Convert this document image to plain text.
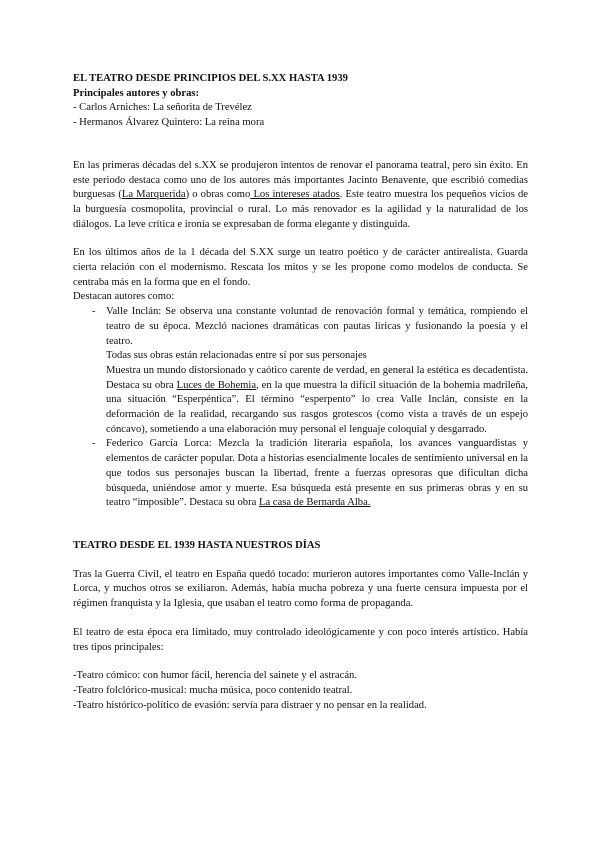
EL TEATRO DESDE PRINCIPIOS DEL S.XX HASTA 1939

Principales autores y obras:

- Carlos Arniches: La señorita de Trevélez

- Hermanos Álvarez Quintero: La reina mora

En las primeras décadas del s.XX se produjeron intentos de renovar el panorama teatral, pero sin éxito. En este periodo destaca como uno de los autores más importantes Jacinto Benavente, que escribió comedias burguesas (La Marquerida) o obras como Los intereses atados. Este teatro muestra los pequeños vicios de la burguesía cosmopolita, provincial o rural. Lo más renovador es la agilidad y la naturalidad de los diálogos. La leve crítica e ironía se expresaban de forma elegante y distinguida.

En los últimos años de la 1 década del S.XX surge un teatro poético y de carácter antirealista. Guarda cierta relación con el modernismo. Rescata los mitos y se les propone como modelos de conducta. Se centraba más en la forma que en el fondo.

Destacan autores como:

- Valle Inclán: Se observa una constante voluntad de renovación formal y temática, rompiendo el teatro de su época. Mezcló naciones dramáticas con pautas líricas y fusionando la poesía y el teatro.
Todas sus obras están relacionadas entre sí por sus personajes
Muestra un mundo distorsionado y caótico carente de verdad, en general la estética es decadentista. Destaca su obra Luces de Bohemia, en la que muestra la difícil situación de la bohemia madrileña, una situación “Esperpéntica”. El término “esperpento” lo crea Valle Inclán, consiste en la deformación de la realidad, recargando sus rasgos grotescos (como vista a través de un espejo cóncavo), sometiendo a una elaboración muy personal el lenguaje coloquial y desgarrado.
- Federico García Lorca: Mezcla la tradición literaria española, los avances vanguardistas y elementos de carácter popular. Dota a historias esencialmente locales de sentimiento universal en la que todos sus personajes buscan la libertad, frente a fuerzas opresoras que dificultan dicha búsqueda, uniéndose amor y muerte. Esa búsqueda está presente en sus primeras obras y en su teatro “imposible”. Destaca su obra La casa de Bernarda Alba.

TEATRO DESDE EL 1939 HASTA NUESTROS DÍAS

Tras la Guerra Civil, el teatro en España quedó tocado: murieron autores importantes como Valle-Inclán y Lorca, y muchos otros se exiliaron. Además, había mucha pobreza y una fuerte censura impuesta por el régimen franquista y la Iglesia, que usaban el teatro como forma de propaganda.

El teatro de esta época era limitado, muy controlado ideológicamente y con poco interés artístico. Había tres tipos principales:

-Teatro cómico: con humor fácil, herencia del sainete y el astracán.

-Teatro folclórico-musical: mucha música, poco contenido teatral.

-Teatro histórico-político de evasión: servía para distraer y no pensar en la realidad.
